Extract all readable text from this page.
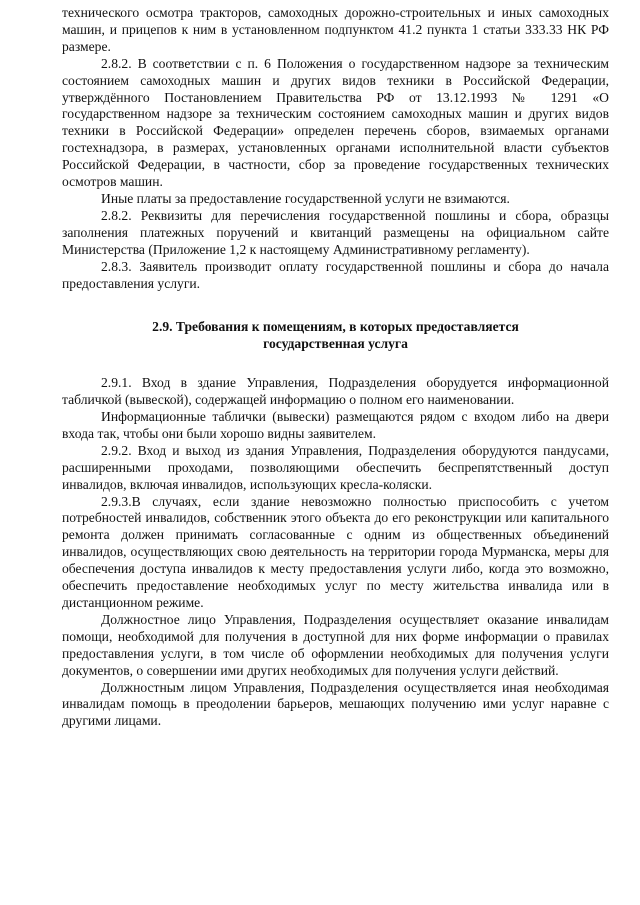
технического осмотра тракторов, самоходных дорожно-строительных и иных самоходных машин, и прицепов к ним в установленном подпунктом 41.2 пункта 1 статьи 333.33 НК РФ размере.

2.8.2. В соответствии с п. 6 Положения о государственном надзоре за техническим состоянием самоходных машин и других видов техники в Российской Федерации, утверждённого Постановлением Правительства РФ от 13.12.1993 № 1291 «О государственном надзоре за техническим состоянием самоходных машин и других видов техники в Российской Федерации» определен перечень сборов, взимаемых органами гостехнадзора, в размерах, установленных органами исполнительной власти субъектов Российской Федерации, в частности, сбор за проведение государственных технических осмотров машин.

Иные платы за предоставление государственной услуги не взимаются.

2.8.2. Реквизиты для перечисления государственной пошлины и сбора, образцы заполнения платежных поручений и квитанций размещены на официальном сайте Министерства (Приложение 1,2 к настоящему Административному регламенту).

2.8.3. Заявитель производит оплату государственной пошлины и сбора до начала предоставления услуги.

2.9. Требования к помещениям, в которых предоставляется
государственная услуга

2.9.1. Вход в здание Управления, Подразделения оборудуется информационной табличкой (вывеской), содержащей информацию о полном его наименовании.

Информационные таблички (вывески) размещаются рядом с входом либо на двери входа так, чтобы они были хорошо видны заявителем.

2.9.2. Вход и выход из здания Управления, Подразделения оборудуются пандусами, расширенными проходами, позволяющими обеспечить беспрепятственный доступ инвалидов, включая инвалидов, использующих кресла-коляски.

2.9.3.В случаях, если здание невозможно полностью приспособить с учетом потребностей инвалидов, собственник этого объекта до его реконструкции или капитального ремонта должен принимать согласованные с одним из общественных объединений инвалидов, осуществляющих свою деятельность на территории города Мурманска, меры для обеспечения доступа инвалидов к месту предоставления услуги либо, когда это возможно, обеспечить предоставление необходимых услуг по месту жительства инвалида или в дистанционном режиме.

Должностное лицо Управления, Подразделения осуществляет оказание инвалидам помощи, необходимой для получения в доступной для них форме информации о правилах предоставления услуги, в том числе об оформлении необходимых для получения услуги документов, о совершении ими других необходимых для получения услуги действий.

Должностным лицом Управления, Подразделения осуществляется иная необходимая инвалидам помощь в преодолении барьеров, мешающих получению ими услуг наравне с другими лицами.
